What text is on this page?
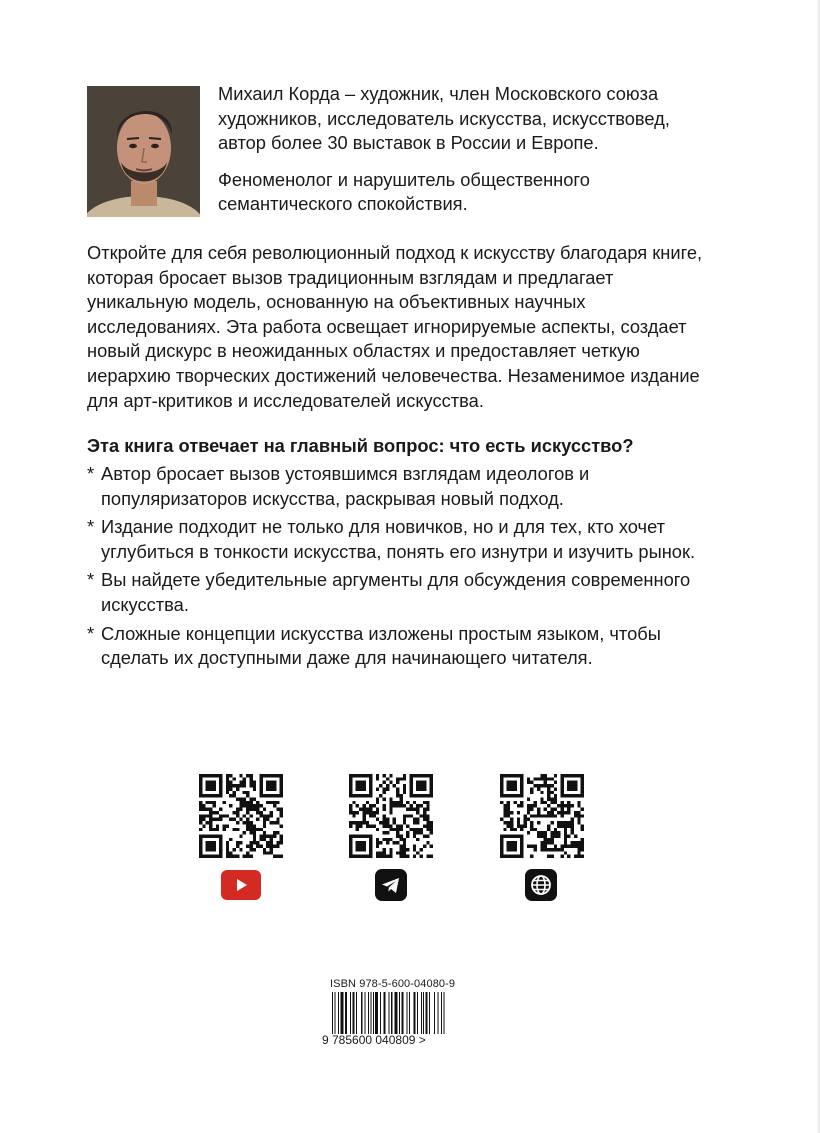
Михаил Корда – художник, член Московского союза художников, исследователь искусства, искусствовед, автор более 30 выставок в России и Европе.

Феноменолог и нарушитель общественного семантического спокойствия.

Откройте для себя революционный подход к искусству благодаря книге, которая бросает вызов традиционным взглядам и предлагает уникальную модель, основанную на объективных научных исследованиях. Эта работа освещает игнорируемые аспекты, создает новый дискурс в неожиданных областях и предоставляет четкую иерархию творческих достижений человечества. Незаменимое издание для арт-критиков и исследователей искусства.

Эта книга отвечает на главный вопрос: что есть искусство?
* Автор бросает вызов устоявшимся взглядам идеологов и популяризаторов искусства, раскрывая новый подход.
* Издание подходит не только для новичков, но и для тех, кто хочет углубиться в тонкости искусства, понять его изнутри и изучить рынок.
* Вы найдете убедительные аргументы для обсуждения современного искусства.
* Сложные концепции искусства изложены простым языком, чтобы сделать их доступными даже для начинающего читателя.
ISBN 978-5-600-04080-9
9 785600 040809 >
